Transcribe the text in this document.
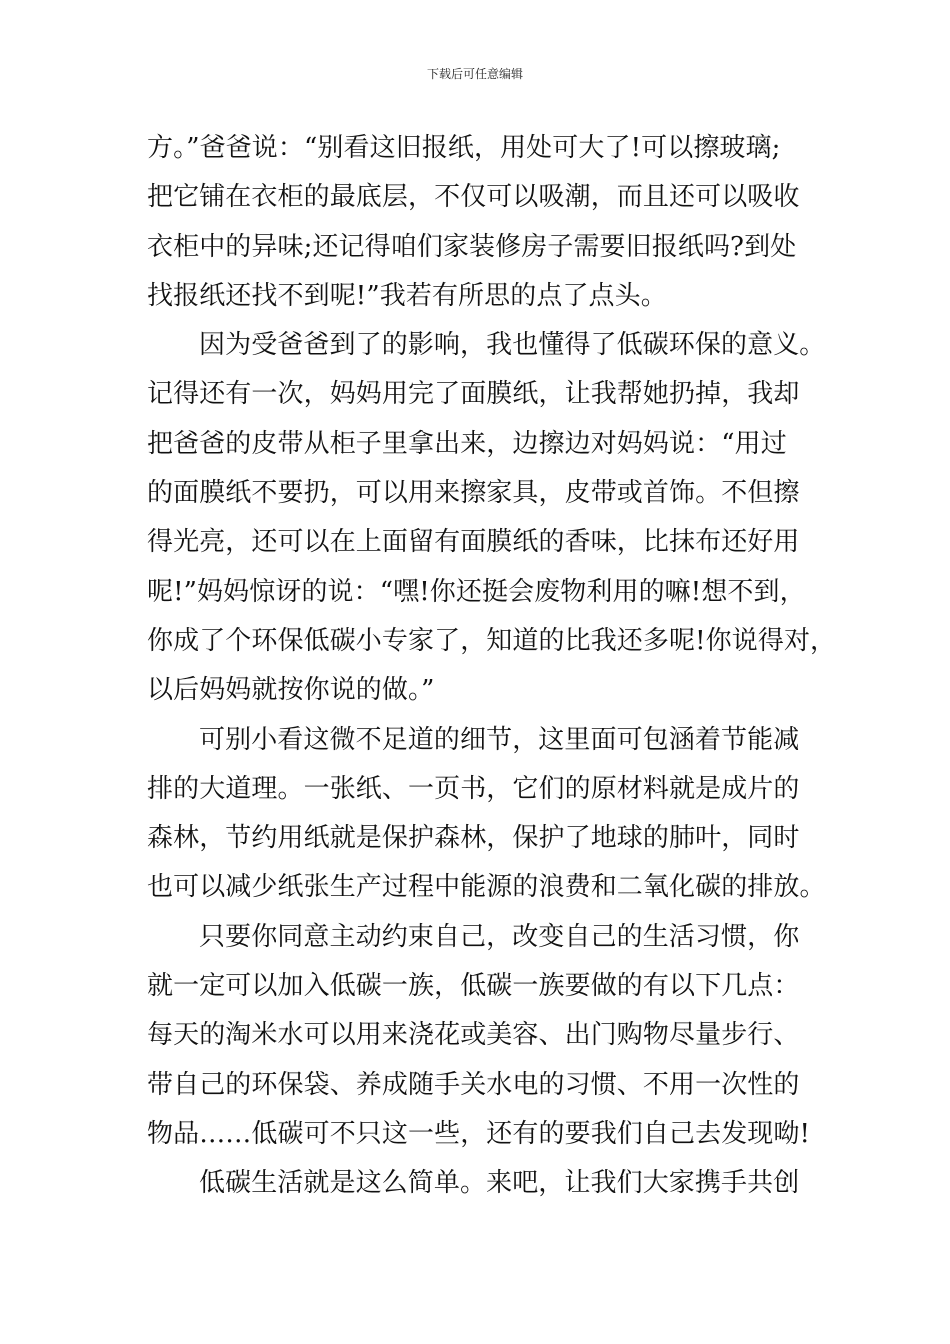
下载后可任意编辑
方。”爸爸说：“别看这旧报纸，用处可大了!可以擦玻璃;
把它铺在衣柜的最底层，不仅可以吸潮，而且还可以吸收
衣柜中的异味;还记得咱们家装修房子需要旧报纸吗?到处
找报纸还找不到呢!”我若有所思的点了点头。
因为受爸爸到了的影响，我也懂得了低碳环保的意义。
记得还有一次，妈妈用完了面膜纸，让我帮她扔掉，我却
把爸爸的皮带从柜子里拿出来，边擦边对妈妈说：“用过
的面膜纸不要扔，可以用来擦家具，皮带或首饰。不但擦
得光亮，还可以在上面留有面膜纸的香味，比抹布还好用
呢!”妈妈惊讶的说：“嘿!你还挺会废物利用的嘛!想不到，
你成了个环保低碳小专家了，知道的比我还多呢!你说得对，
以后妈妈就按你说的做。”
可别小看这微不足道的细节，这里面可包涵着节能减
排的大道理。一张纸、一页书，它们的原材料就是成片的
森林，节约用纸就是保护森林，保护了地球的肺叶，同时
也可以减少纸张生产过程中能源的浪费和二氧化碳的排放。
只要你同意主动约束自己，改变自己的生活习惯，你
就一定可以加入低碳一族，低碳一族要做的有以下几点：
每天的淘米水可以用来浇花或美容、出门购物尽量步行、
带自己的环保袋、养成随手关水电的习惯、不用一次性的
物品……低碳可不只这一些，还有的要我们自己去发现呦!
低碳生活就是这么简单。来吧，让我们大家携手共创
